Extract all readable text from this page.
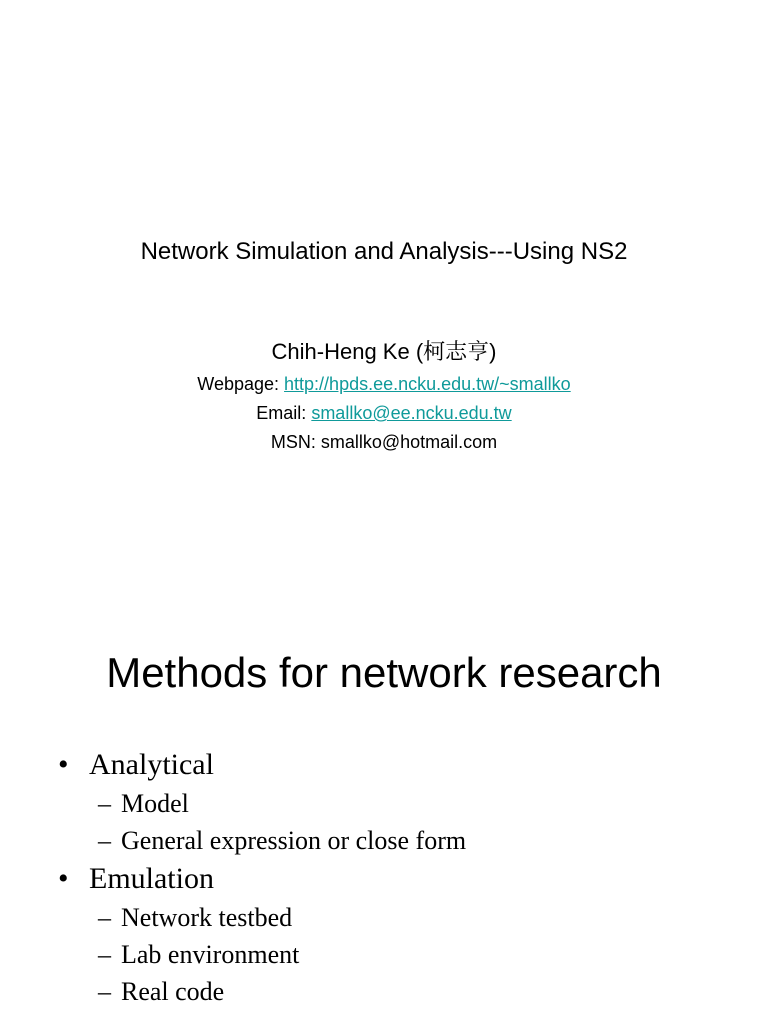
Network Simulation and Analysis---Using NS2
Chih-Heng Ke (柯志亨)
Webpage: http://hpds.ee.ncku.edu.tw/~smallko
Email: smallko@ee.ncku.edu.tw
MSN: smallko@hotmail.com
Methods for network research
• Analytical
– Model
– General expression or close form
• Emulation
– Network testbed
– Lab environment
– Real code
